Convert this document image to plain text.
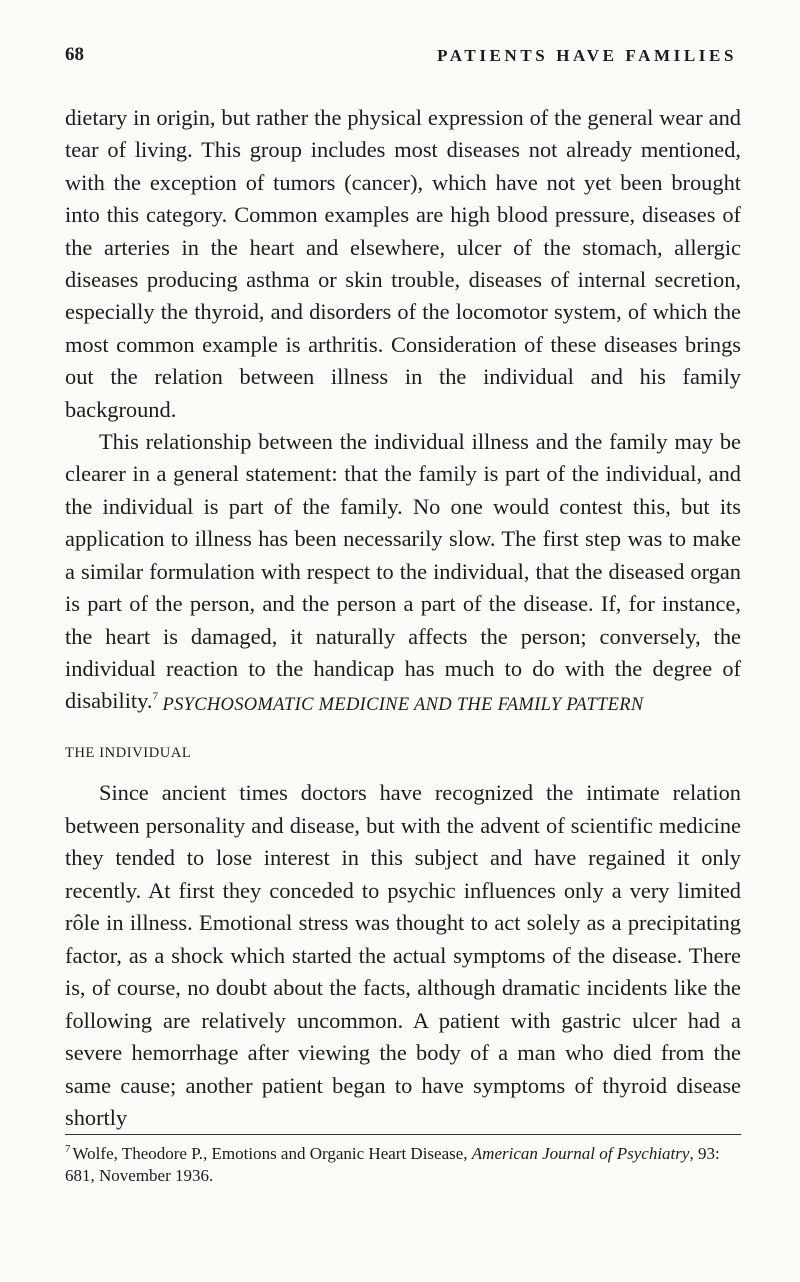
68	PATIENTS HAVE FAMILIES

dietary in origin, but rather the physical expression of the general wear and tear of living. This group includes most diseases not already mentioned, with the exception of tumors (cancer), which have not yet been brought into this category. Common examples are high blood pressure, diseases of the arteries in the heart and elsewhere, ulcer of the stomach, allergic diseases producing asthma or skin trouble, diseases of internal secretion, especially the thyroid, and disorders of the locomotor system, of which the most common example is arthritis. Consideration of these diseases brings out the relation between illness in the individual and his family background.

This relationship between the individual illness and the family may be clearer in a general statement: that the family is part of the individual, and the individual is part of the family. No one would contest this, but its application to illness has been necessarily slow. The first step was to make a similar formulation with respect to the individual, that the diseased organ is part of the person, and the person a part of the disease. If, for instance, the heart is damaged, it naturally affects the person; conversely, the individual reaction to the handicap has much to do with the degree of disability.$^7$ PSYCHOSOMATIC MEDICINE AND THE FAMILY PATTERN
THE INDIVIDUAL

Since ancient times doctors have recognized the intimate relation between personality and disease, but with the advent of scientific medicine they tended to lose interest in this subject and have regained it only recently. At first they conceded to psychic influences only a very limited rôle in illness. Emotional stress was thought to act solely as a precipitating factor, as a shock which started the actual symptoms of the disease. There is, of course, no doubt about the facts, although dramatic incidents like the following are relatively uncommon. A patient with gastric ulcer had a severe hemorrhage after viewing the body of a man who died from the same cause; another patient began to have symptoms of thyroid disease shortly

$^7$ Wolfe, Theodore P., Emotions and Organic Heart Disease, American Journal of Psychiatry, 93: 681, November 1936.
